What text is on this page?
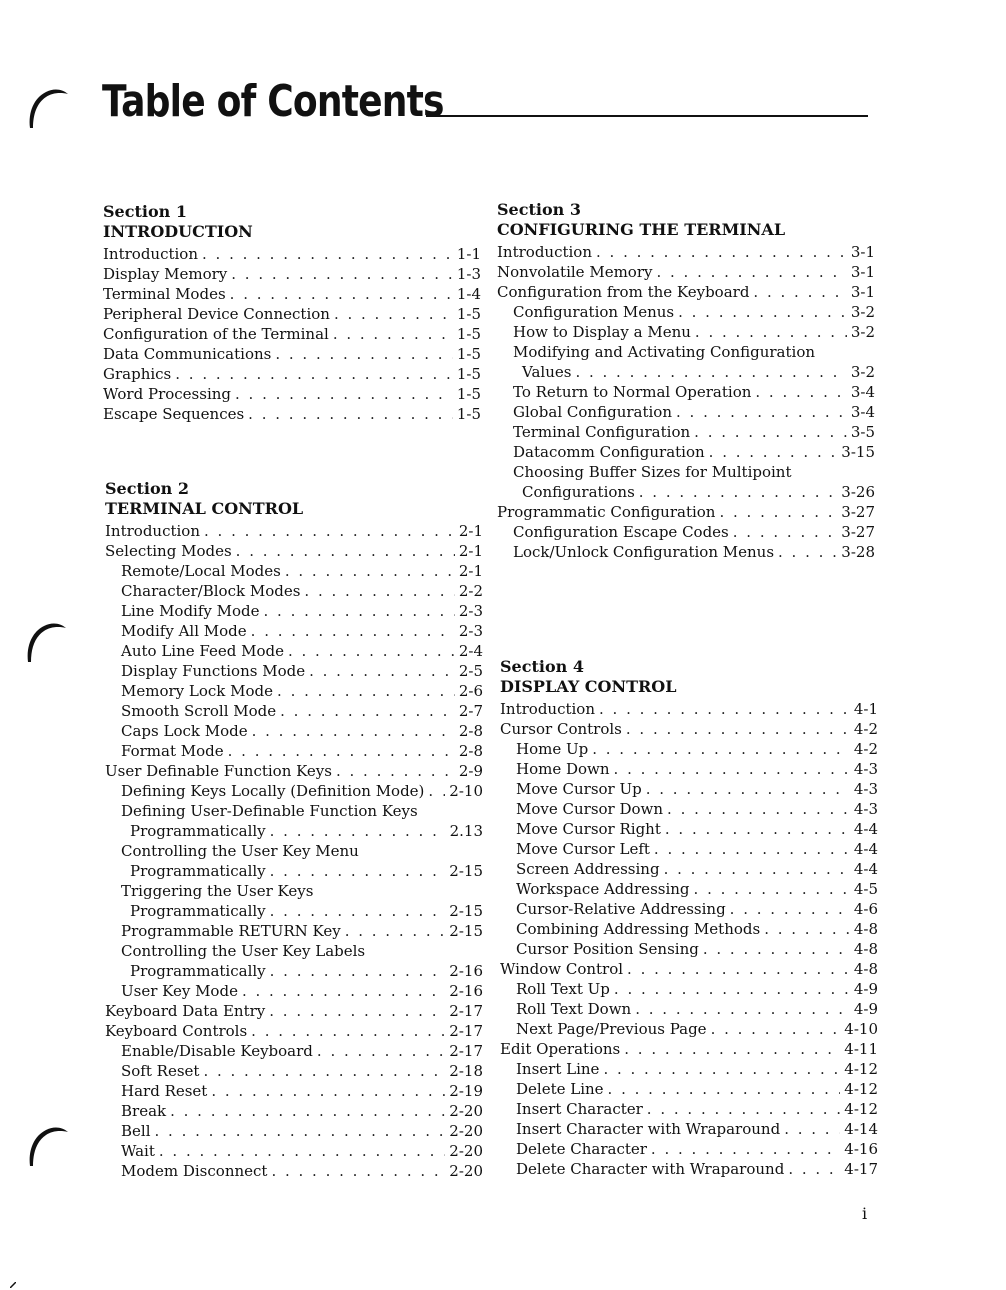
Table of Contents

Section 1

INTRODUCTION

Introduction . . .	1-1
Display Memory . . .	1-3
Terminal Modes . . .	1-4
Peripheral Device Connection . . .	1-5
Configuration of the Terminal . . .	1-5
Data Communications . . .	1-5
Graphics . . .	1-5
Word Processing . . .	1-5
Escape Sequences . . .	1-5

Section 2

TERMINAL CONTROL

Introduction . . .	2-1
Selecting Modes . . .	2-1
Remote/Local Modes . . .	2-1
Character/Block Modes . . .	2-2
Line Modify Mode . . .	2-3
Modify All Mode . . .	2-3
Auto Line Feed Mode . . .	2-4
Display Functions Mode . . .	2-5
Memory Lock Mode . . .	2-6
Smooth Scroll Mode . . .	2-7
Caps Lock Mode . . .	2-8
Format Mode . . .	2-8
User Definable Function Keys . . .	2-9
Defining Keys Locally (Definition Mode) . . . 2-10
Defining User-Definable Function Keys
Programmatically . . .	2.13
Controlling the User Key Menu
Programmatically . . .	2-15
Triggering the User Keys
Programmatically . . .	2-15
Programmable RETURN Key . . .	2-15
Controlling the User Key Labels
Programmatically . . .	2-16
User Key Mode . . .	2-16
Keyboard Data Entry . . .	2-17
Keyboard Controls . . .	2-17
Enable/Disable Keyboard . . .	2-17
Soft Reset . . .	2-18
Hard Reset . . .	2-19
Break . . .	2-20
Bell . . .	2-20
Wait . . .	2-20
Modem Disconnect . . .	2-20

Section 3

CONFIGURING THE TERMINAL

Introduction . . .	3-1
Nonvolatile Memory . . .	3-1
Configuration from the Keyboard . . .	3-1
Configuration Menus . . .	3-2
How to Display a Menu . . .	3-2
Modifying and Activating Configuration
Values . . .	3-2
To Return to Normal Operation . . .	3-4
Global Configuration . . .	3-4
Terminal Configuration . . .	3-5
Datacomm Configuration . . .	3-15
Choosing Buffer Sizes for Multipoint
Configurations . . .	3-26
Programmatic Configuration . . .	3-27
Configuration Escape Codes . . .	3-27
Lock/Unlock Configuration Menus . . .	3-28

Section 4

DISPLAY CONTROL

Introduction . . .	4-1
Cursor Controls . . .	4-2
Home Up . . .	4-2
Home Down . . .	4-3
Move Cursor Up . . .	4-3
Move Cursor Down . . .	4-3
Move Cursor Right . . .	4-4
Move Cursor Left . . .	4-4
Screen Addressing . . .	4-4
Workspace Addressing . . .	4-5
Cursor-Relative Addressing . . .	4-6
Combining Addressing Methods . . .	4-8
Cursor Position Sensing . . .	4-8
Window Control . . .	4-8
Roll Text Up . . .	4-9
Roll Text Down . . .	4-9
Next Page/Previous Page . . .	4-10
Edit Operations . . .	4-11
Insert Line . . .	4-12
Delete Line . . .	4-12
Insert Character . . .	4-12
Insert Character with Wraparound . . .	4-14
Delete Character . . .	4-16
Delete Character with Wraparound . . .	4-17
i
